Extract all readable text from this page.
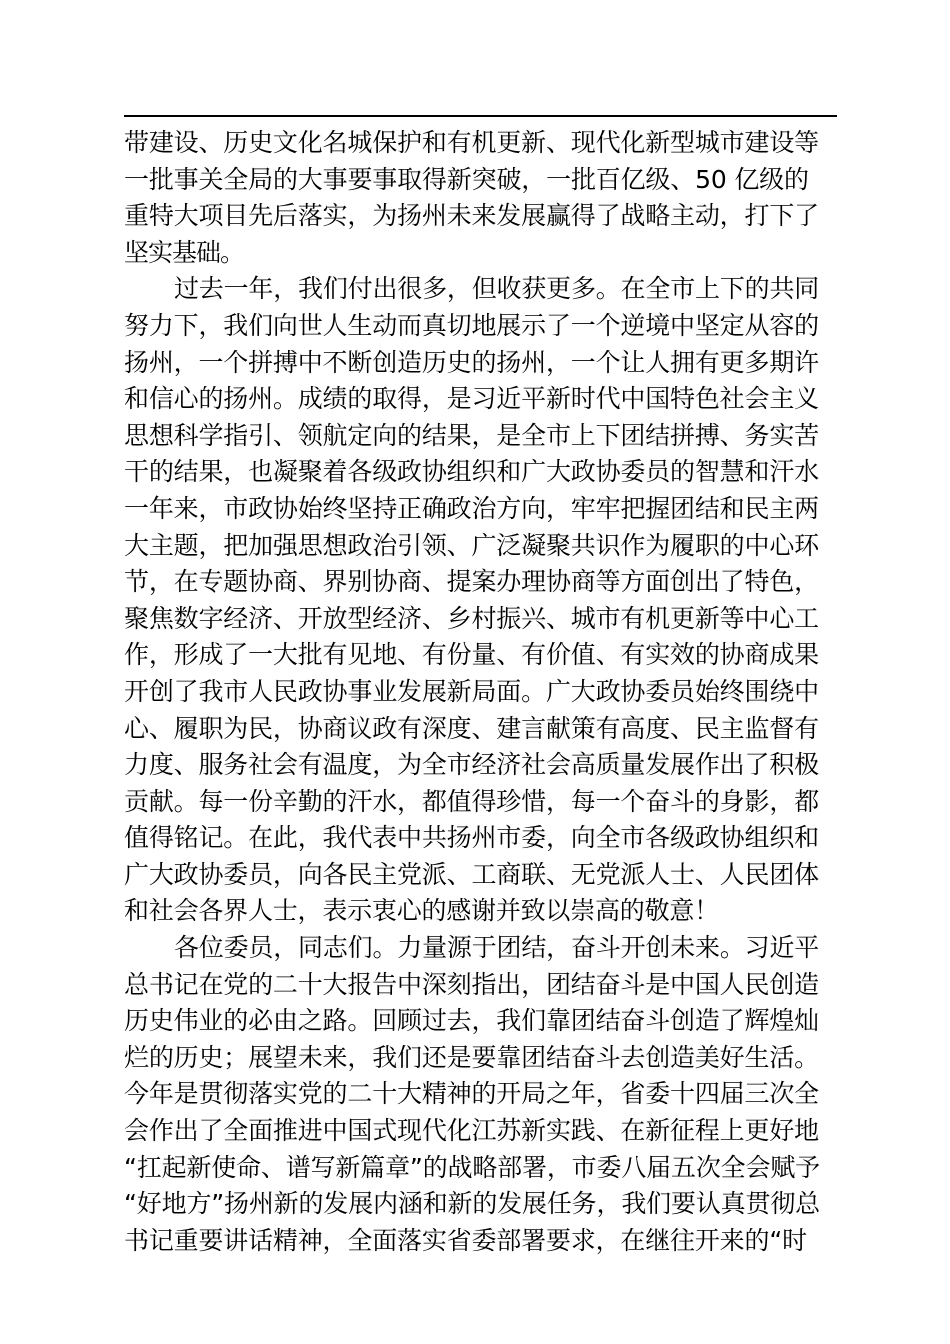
带建设、历史文化名城保护和有机更新、现代化新型城市建设等
一批事关全局的大事要事取得新突破，一批百亿级、50 亿级的
重特大项目先后落实，为扬州未来发展赢得了战略主动，打下了
坚实基础。
过去一年，我们付出很多，但收获更多。在全市上下的共同
努力下，我们向世人生动而真切地展示了一个逆境中坚定从容的
扬州，一个拼搏中不断创造历史的扬州，一个让人拥有更多期许
和信心的扬州。成绩的取得，是习近平新时代中国特色社会主义
思想科学指引、领航定向的结果，是全市上下团结拼搏、务实苦
干的结果，也凝聚着各级政协组织和广大政协委员的智慧和汗水
一年来，市政协始终坚持正确政治方向，牢牢把握团结和民主两
大主题，把加强思想政治引领、广泛凝聚共识作为履职的中心环
节，在专题协商、界别协商、提案办理协商等方面创出了特色，
聚焦数字经济、开放型经济、乡村振兴、城市有机更新等中心工
作，形成了一大批有见地、有份量、有价值、有实效的协商成果
开创了我市人民政协事业发展新局面。广大政协委员始终围绕中
心、履职为民，协商议政有深度、建言献策有高度、民主监督有
力度、服务社会有温度，为全市经济社会高质量发展作出了积极
贡献。每一份辛勤的汗水，都值得珍惜，每一个奋斗的身影，都
值得铭记。在此，我代表中共扬州市委，向全市各级政协组织和
广大政协委员，向各民主党派、工商联、无党派人士、人民团体
和社会各界人士，表示衷心的感谢并致以崇高的敬意！
各位委员，同志们。力量源于团结，奋斗开创未来。习近平
总书记在党的二十大报告中深刻指出，团结奋斗是中国人民创造
历史伟业的必由之路。回顾过去，我们靠团结奋斗创造了辉煌灿
烂的历史；展望未来，我们还是要靠团结奋斗去创造美好生活。
今年是贯彻落实党的二十大精神的开局之年，省委十四届三次全
会作出了全面推进中国式现代化江苏新实践、在新征程上更好地
“扛起新使命、谱写新篇章”的战略部署，市委八届五次全会赋予
“好地方”扬州新的发展内涵和新的发展任务，我们要认真贯彻总
书记重要讲话精神，全面落实省委部署要求，在继往开来的“时
